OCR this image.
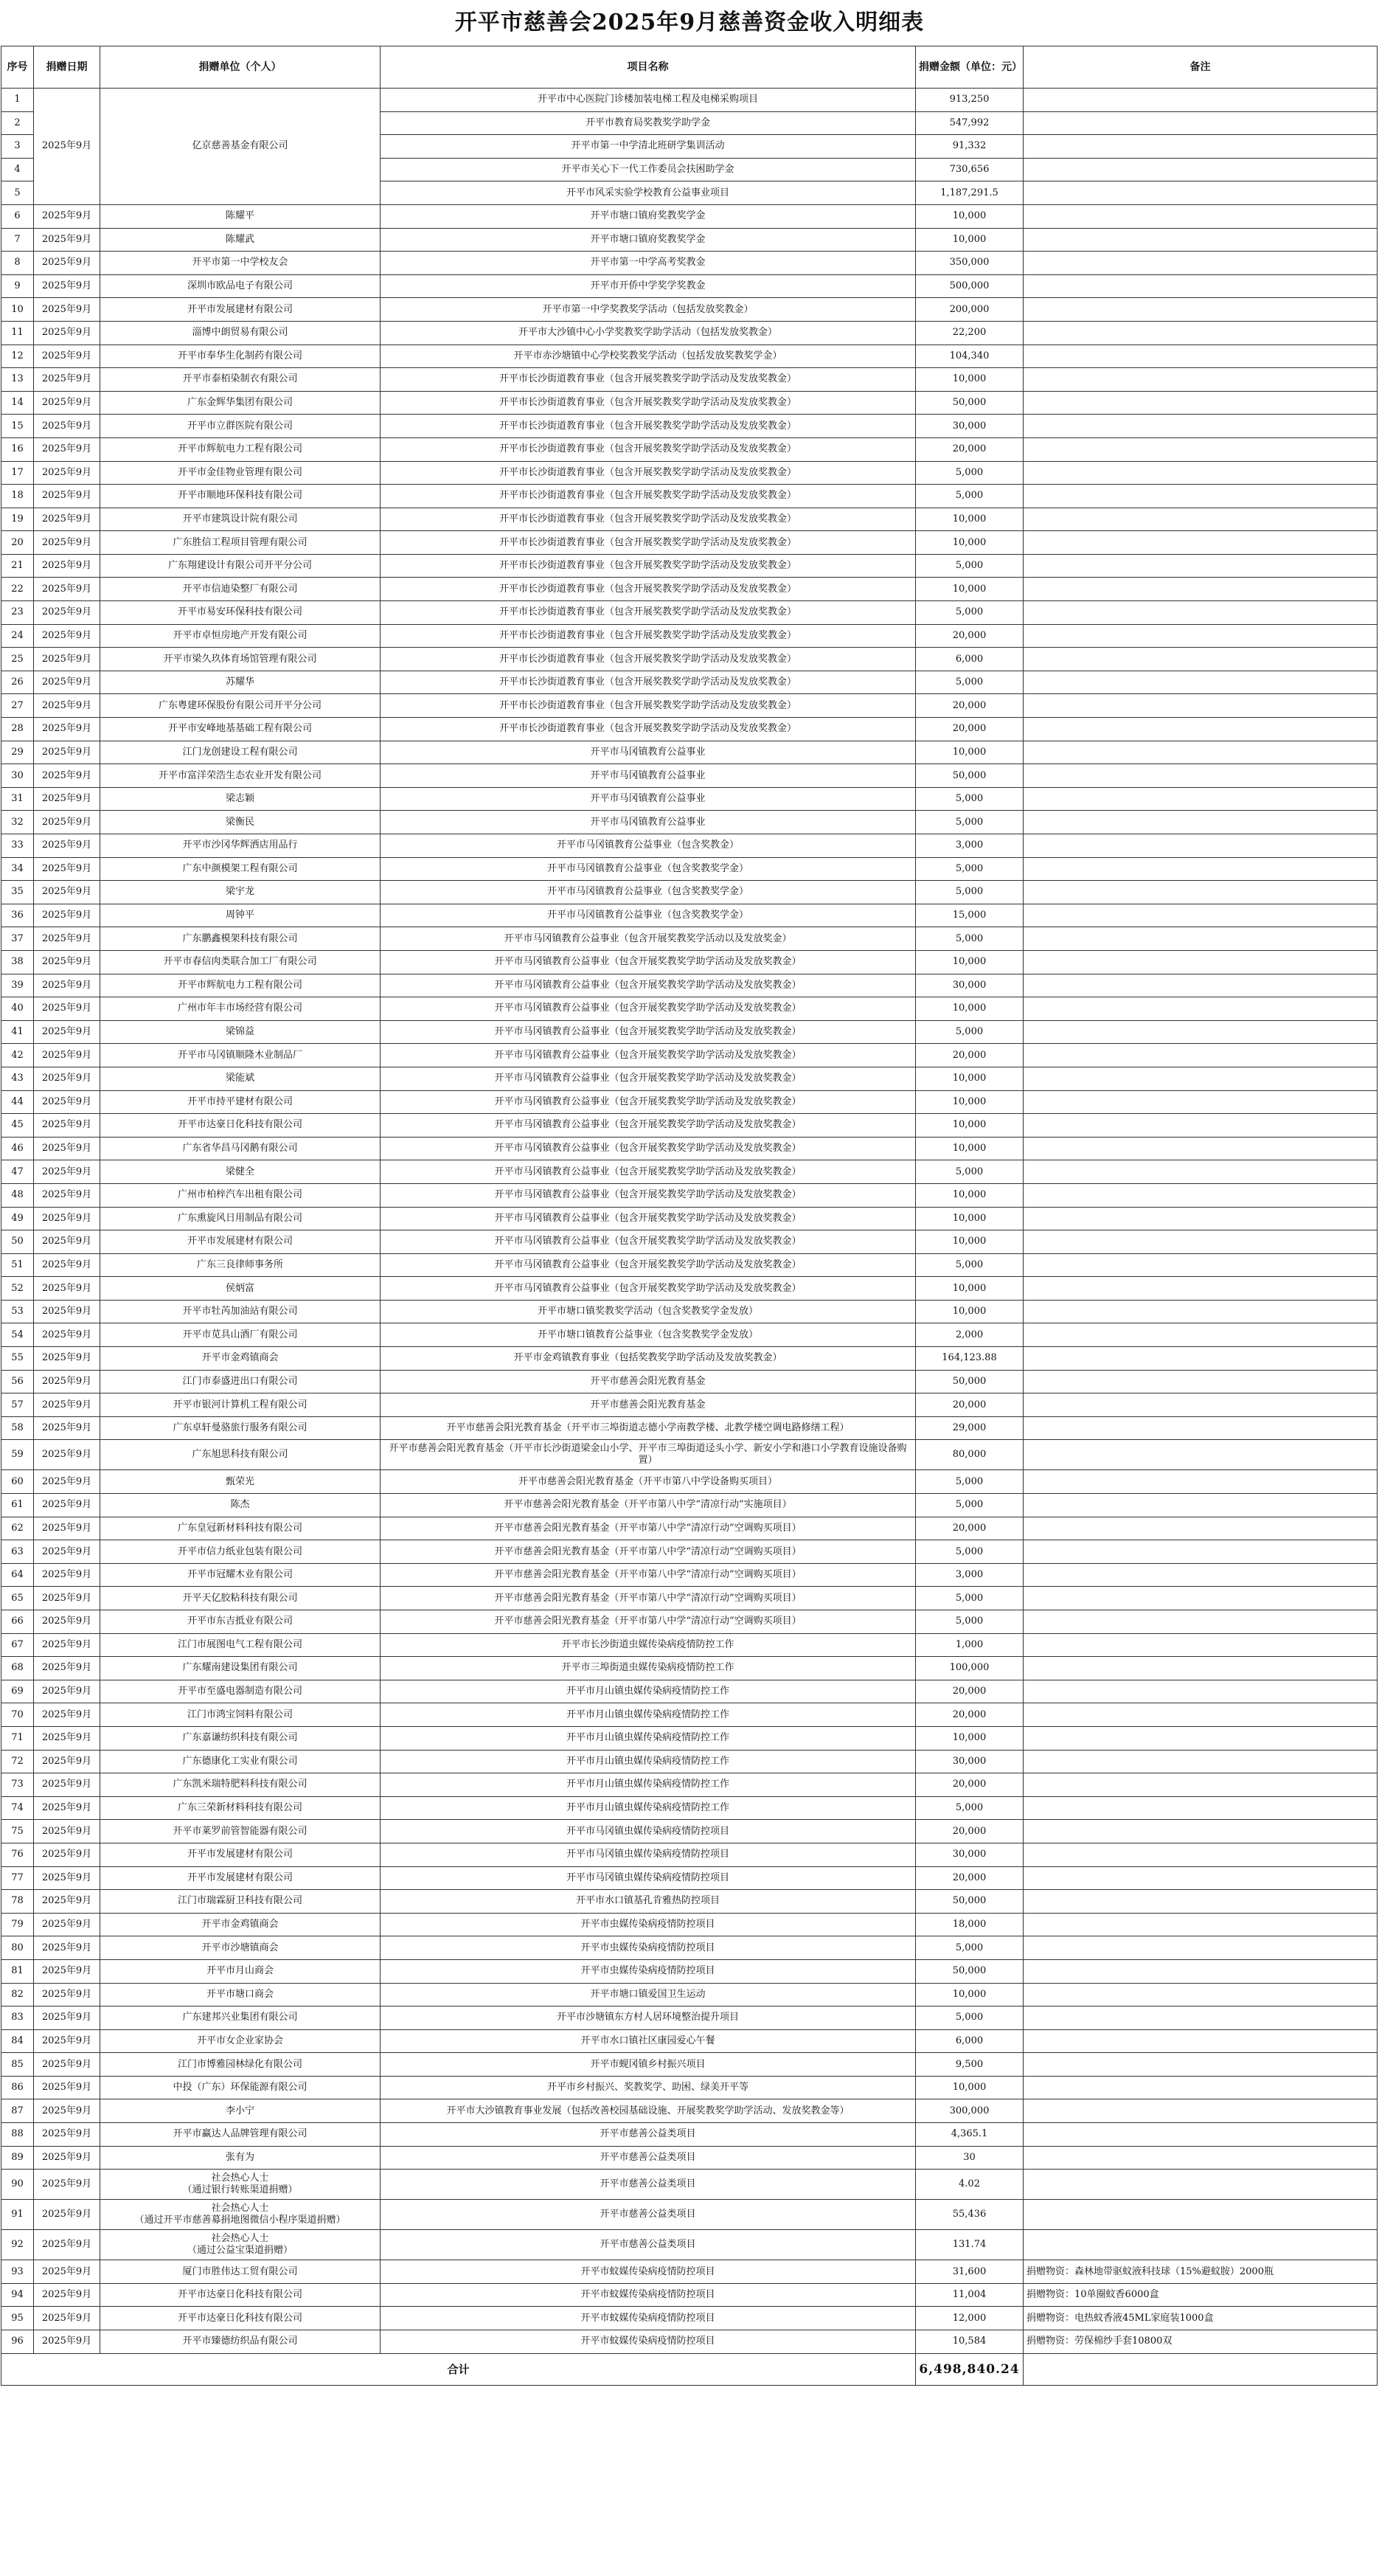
开平市慈善会2025年9月慈善资金收入明细表
序号	捐赠日期	捐赠单位（个人）	项目名称	捐赠金额（单位：元）	备注
1	2025年9月	亿京慈善基金有限公司	开平市中心医院门诊楼加装电梯工程及电梯采购项目	913,250	
2			开平市教育局奖教奖学助学金	547,992	
3			开平市第一中学清北班研学集训活动	91,332	
4			开平市关心下一代工作委员会扶困助学金	730,656	
5			开平市风采实验学校教育公益事业项目	1,187,291.5	
6	2025年9月	陈耀平	开平市塘口镇府奖教奖学金	10,000	
7	2025年9月	陈耀武	开平市塘口镇府奖教奖学金	10,000	
8	2025年9月	开平市第一中学校友会	开平市第一中学高考奖教金	350,000	
9	2025年9月	深圳市欧品电子有限公司	开平市开侨中学奖学奖教金	500,000	
10	2025年9月	开平市发展建材有限公司	开平市第一中学奖教奖学活动（包括发放奖教金）	200,000	
11	2025年9月	淄博中朗贸易有限公司	开平市大沙镇中心小学奖教奖学助学活动（包括发放奖教金）	22,200	
12	2025年9月	开平市奉华生化制药有限公司	开平市赤沙塘镇中心学校奖教奖学活动（包括发放奖教奖学金）	104,340	
13	2025年9月	开平市泰栢染制衣有限公司	开平市长沙街道教育事业（包含开展奖教奖学助学活动及发放奖教金）	10,000	
14	2025年9月	广东金辉华集团有限公司	开平市长沙街道教育事业（包含开展奖教奖学助学活动及发放奖教金）	50,000	
15	2025年9月	开平市立群医院有限公司	开平市长沙街道教育事业（包含开展奖教奖学助学活动及发放奖教金）	30,000	
16	2025年9月	开平市辉航电力工程有限公司	开平市长沙街道教育事业（包含开展奖教奖学助学活动及发放奖教金）	20,000	
17	2025年9月	开平市金佳物业管理有限公司	开平市长沙街道教育事业（包含开展奖教奖学助学活动及发放奖教金）	5,000	
18	2025年9月	开平市顺地环保科技有限公司	开平市长沙街道教育事业（包含开展奖教奖学助学活动及发放奖教金）	5,000	
19	2025年9月	开平市建筑设计院有限公司	开平市长沙街道教育事业（包含开展奖教奖学助学活动及发放奖教金）	10,000	
20	2025年9月	广东胜信工程项目管理有限公司	开平市长沙街道教育事业（包含开展奖教奖学助学活动及发放奖教金）	10,000	
21	2025年9月	广东翔建设计有限公司开平分公司	开平市长沙街道教育事业（包含开展奖教奖学助学活动及发放奖教金）	5,000	
22	2025年9月	开平市信迪染整厂有限公司	开平市长沙街道教育事业（包含开展奖教奖学助学活动及发放奖教金）	10,000	
23	2025年9月	开平市易安环保科技有限公司	开平市长沙街道教育事业（包含开展奖教奖学助学活动及发放奖教金）	5,000	
24	2025年9月	开平市卓恒房地产开发有限公司	开平市长沙街道教育事业（包含开展奖教奖学助学活动及发放奖教金）	20,000	
25	2025年9月	开平市梁久玖体育场馆管理有限公司	开平市长沙街道教育事业（包含开展奖教奖学助学活动及发放奖教金）	6,000	
26	2025年9月	苏耀华	开平市长沙街道教育事业（包含开展奖教奖学助学活动及发放奖教金）	5,000	
27	2025年9月	广东粤建环保股份有限公司开平分公司	开平市长沙街道教育事业（包含开展奖教奖学助学活动及发放奖教金）	20,000	
28	2025年9月	开平市安峰地基基础工程有限公司	开平市长沙街道教育事业（包含开展奖教奖学助学活动及发放奖教金）	20,000	
29	2025年9月	江门龙创建设工程有限公司	开平市马冈镇教育公益事业	10,000	
30	2025年9月	开平市富洋荣浩生态农业开发有限公司	开平市马冈镇教育公益事业	50,000	
31	2025年9月	梁志颖	开平市马冈镇教育公益事业	5,000	
32	2025年9月	梁衡民	开平市马冈镇教育公益事业	5,000	
33	2025年9月	开平市沙冈华辉洒店用品行	开平市马冈镇教育公益事业（包含奖教金）	3,000	
34	2025年9月	广东中颜模架工程有限公司	开平市马冈镇教育公益事业（包含奖教奖学金）	5,000	
35	2025年9月	梁宇龙	开平市马冈镇教育公益事业（包含奖教奖学金）	5,000	
36	2025年9月	周钟平	开平市马冈镇教育公益事业（包含奖教奖学金）	15,000	
37	2025年9月	广东鹏鑫模架科技有限公司	开平市马冈镇教育公益事业（包含开展奖教奖学活动以及发放奖金）	5,000	
38	2025年9月	开平市春信肉类联合加工厂有限公司	开平市马冈镇教育公益事业（包含开展奖教奖学助学活动及发放奖教金）	10,000	
39	2025年9月	开平市辉航电力工程有限公司	开平市马冈镇教育公益事业（包含开展奖教奖学助学活动及发放奖教金）	30,000	
40	2025年9月	广州市年丰市场经营有限公司	开平市马冈镇教育公益事业（包含开展奖教奖学助学活动及发放奖教金）	10,000	
41	2025年9月	梁锦益	开平市马冈镇教育公益事业（包含开展奖教奖学助学活动及发放奖教金）	5,000	
42	2025年9月	开平市马冈镇顺隆木业制品厂	开平市马冈镇教育公益事业（包含开展奖教奖学助学活动及发放奖教金）	20,000	
43	2025年9月	梁能斌	开平市马冈镇教育公益事业（包含开展奖教奖学助学活动及发放奖教金）	10,000	
44	2025年9月	开平市持平建材有限公司	开平市马冈镇教育公益事业（包含开展奖教奖学助学活动及发放奖教金）	10,000	
45	2025年9月	开平市达豪日化科技有限公司	开平市马冈镇教育公益事业（包含开展奖教奖学助学活动及发放奖教金）	10,000	
46	2025年9月	广东省华昌马冈鹅有限公司	开平市马冈镇教育公益事业（包含开展奖教奖学助学活动及发放奖教金）	10,000	
47	2025年9月	梁健全	开平市马冈镇教育公益事业（包含开展奖教奖学助学活动及发放奖教金）	5,000	
48	2025年9月	广州市柏梓汽车出租有限公司	开平市马冈镇教育公益事业（包含开展奖教奖学助学活动及发放奖教金）	10,000	
49	2025年9月	广东熏旋风日用制品有限公司	开平市马冈镇教育公益事业（包含开展奖教奖学助学活动及发放奖教金）	10,000	
50	2025年9月	开平市发展建材有限公司	开平市马冈镇教育公益事业（包含开展奖教奖学助学活动及发放奖教金）	10,000	
51	2025年9月	广东三良律师事务所	开平市马冈镇教育公益事业（包含开展奖教奖学助学活动及发放奖教金）	5,000	
52	2025年9月	侯炳富	开平市马冈镇教育公益事业（包含开展奖教奖学助学活动及发放奖教金）	10,000	
53	2025年9月	开平市牡芮加油站有限公司	开平市塘口镇奖教奖学活动（包含奖教奖学金发放）	10,000	
54	2025年9月	开平市苋具山酒厂有限公司	开平市塘口镇教育公益事业（包含奖教奖学金发放）	2,000	
55	2025年9月	开平市金鸡镇商会	开平市金鸡镇教育事业（包括奖教奖学助学活动及发放奖教金）	164,123.88	
56	2025年9月	江门市泰盛进出口有限公司	开平市慈善会阳光教育基金	50,000	
57	2025年9月	开平市银河计算机工程有限公司	开平市慈善会阳光教育基金	20,000	
58	2025年9月	广东卓轩曼骆旅行服务有限公司	开平市慈善会阳光教育基金（开平市三埠街道志德小学南教学楼、北教学楼空调电路修缮工程）	29,000	
59	2025年9月	广东旭思科技有限公司	开平市慈善会阳光教育基金（开平市长沙街道梁金山小学、开平市三埠街道迳头小学、新安小学和港口小学教育设施设备购置）	80,000	
60	2025年9月	甄荣光	开平市慈善会阳光教育基金（开平市第八中学设备购买项目）	5,000	
61	2025年9月	陈杰	开平市慈善会阳光教育基金（开平市第八中学“清凉行动”实施项目）	5,000	
62	2025年9月	广东皇冠新材料科技有限公司	开平市慈善会阳光教育基金（开平市第八中学“清凉行动”空调购买项目）	20,000	
63	2025年9月	开平市信力纸业包装有限公司	开平市慈善会阳光教育基金（开平市第八中学“清凉行动”空调购买项目）	5,000	
64	2025年9月	开平市冠耀木业有限公司	开平市慈善会阳光教育基金（开平市第八中学“清凉行动”空调购买项目）	3,000	
65	2025年9月	开平天亿胶粘科技有限公司	开平市慈善会阳光教育基金（开平市第八中学“清凉行动”空调购买项目）	5,000	
66	2025年9月	开平市东吉抵业有限公司	开平市慈善会阳光教育基金（开平市第八中学“清凉行动”空调购买项目）	5,000	
67	2025年9月	江门市展图电气工程有限公司	开平市长沙街道虫媒传染病疫情防控工作	1,000	
68	2025年9月	广东耀南建设集团有限公司	开平市三埠街道虫媒传染病疫情防控工作	100,000	
69	2025年9月	开平市至盛电器制造有限公司	开平市月山镇虫媒传染病疫情防控工作	20,000	
70	2025年9月	江门市鸿宝饲料有限公司	开平市月山镇虫媒传染病疫情防控工作	20,000	
71	2025年9月	广东嘉谦纺织科技有限公司	开平市月山镇虫媒传染病疫情防控工作	10,000	
72	2025年9月	广东德康化工实业有限公司	开平市月山镇虫媒传染病疫情防控工作	30,000	
73	2025年9月	广东凯米瑞特肥料科技有限公司	开平市月山镇虫媒传染病疫情防控工作	20,000	
74	2025年9月	广东三荣新材料科技有限公司	开平市月山镇虫媒传染病疫情防控工作	5,000	
75	2025年9月	开平市莱罗前管智能器有限公司	开平市马冈镇虫媒传染病疫情防控项目	20,000	
76	2025年9月	开平市发展建材有限公司	开平市马冈镇虫媒传染病疫情防控项目	30,000	
77	2025年9月	开平市发展建材有限公司	开平市马冈镇虫媒传染病疫情防控项目	20,000	
78	2025年9月	江门市瑞霖厨卫科技有限公司	开平市水口镇基孔肯雅热防控项目	50,000	
79	2025年9月	开平市金鸡镇商会	开平市虫媒传染病疫情防控项目	18,000	
80	2025年9月	开平市沙塘镇商会	开平市虫媒传染病疫情防控项目	5,000	
81	2025年9月	开平市月山商会	开平市虫媒传染病疫情防控项目	50,000	
82	2025年9月	开平市塘口商会	开平市塘口镇爱国卫生运动	10,000	
83	2025年9月	广东建邦兴业集团有限公司	开平市沙塘镇东方村人居环境整治提升项目	5,000	
84	2025年9月	开平市女企业家协会	开平市水口镇社区康园爱心午餐	6,000	
85	2025年9月	江门市博雅园林绿化有限公司	开平市蚬冈镇乡村振兴项目	9,500	
86	2025年9月	中投（广东）环保能源有限公司	开平市乡村振兴、奖教奖学、助困、绿美开平等	10,000	
87	2025年9月	李小宁	开平市大沙镇教育事业发展（包括改善校园基础设施、开展奖教奖学助学活动、发放奖教金等）	300,000	
88	2025年9月	开平市赢达人品牌管理有限公司	开平市慈善公益类项目	4,365.1	
89	2025年9月	张有为	开平市慈善公益类项目	30	
90	2025年9月	社会热心人士
（通过银行转账渠道捐赠）	开平市慈善公益类项目	4.02	
91	2025年9月	社会热心人士
（通过开平市慈善募捐地图微信小程序渠道捐赠）	开平市慈善公益类项目	55,436	
92	2025年9月	社会热心人士
（通过公益宝渠道捐赠）	开平市慈善公益类项目	131.74	
93	2025年9月	厦门市胜伟达工贸有限公司	开平市蚊媒传染病疫情防控项目	31,600	捐赠物资：森林地带驱蚊液科技球（15%避蚊胺）2000瓶
94	2025年9月	开平市达豪日化科技有限公司	开平市蚊媒传染病疫情防控项目	11,004	捐赠物资：10单圈蚊香6000盒
95	2025年9月	开平市达豪日化科技有限公司	开平市蚊媒传染病疫情防控项目	12,000	捐赠物资：电热蚊香液45ML家庭装1000盒
96	2025年9月	开平市臻德纺织品有限公司	开平市蚊媒传染病疫情防控项目	10,584	捐赠物资：劳保棉纱手套10800双
合计				6,498,840.24	
